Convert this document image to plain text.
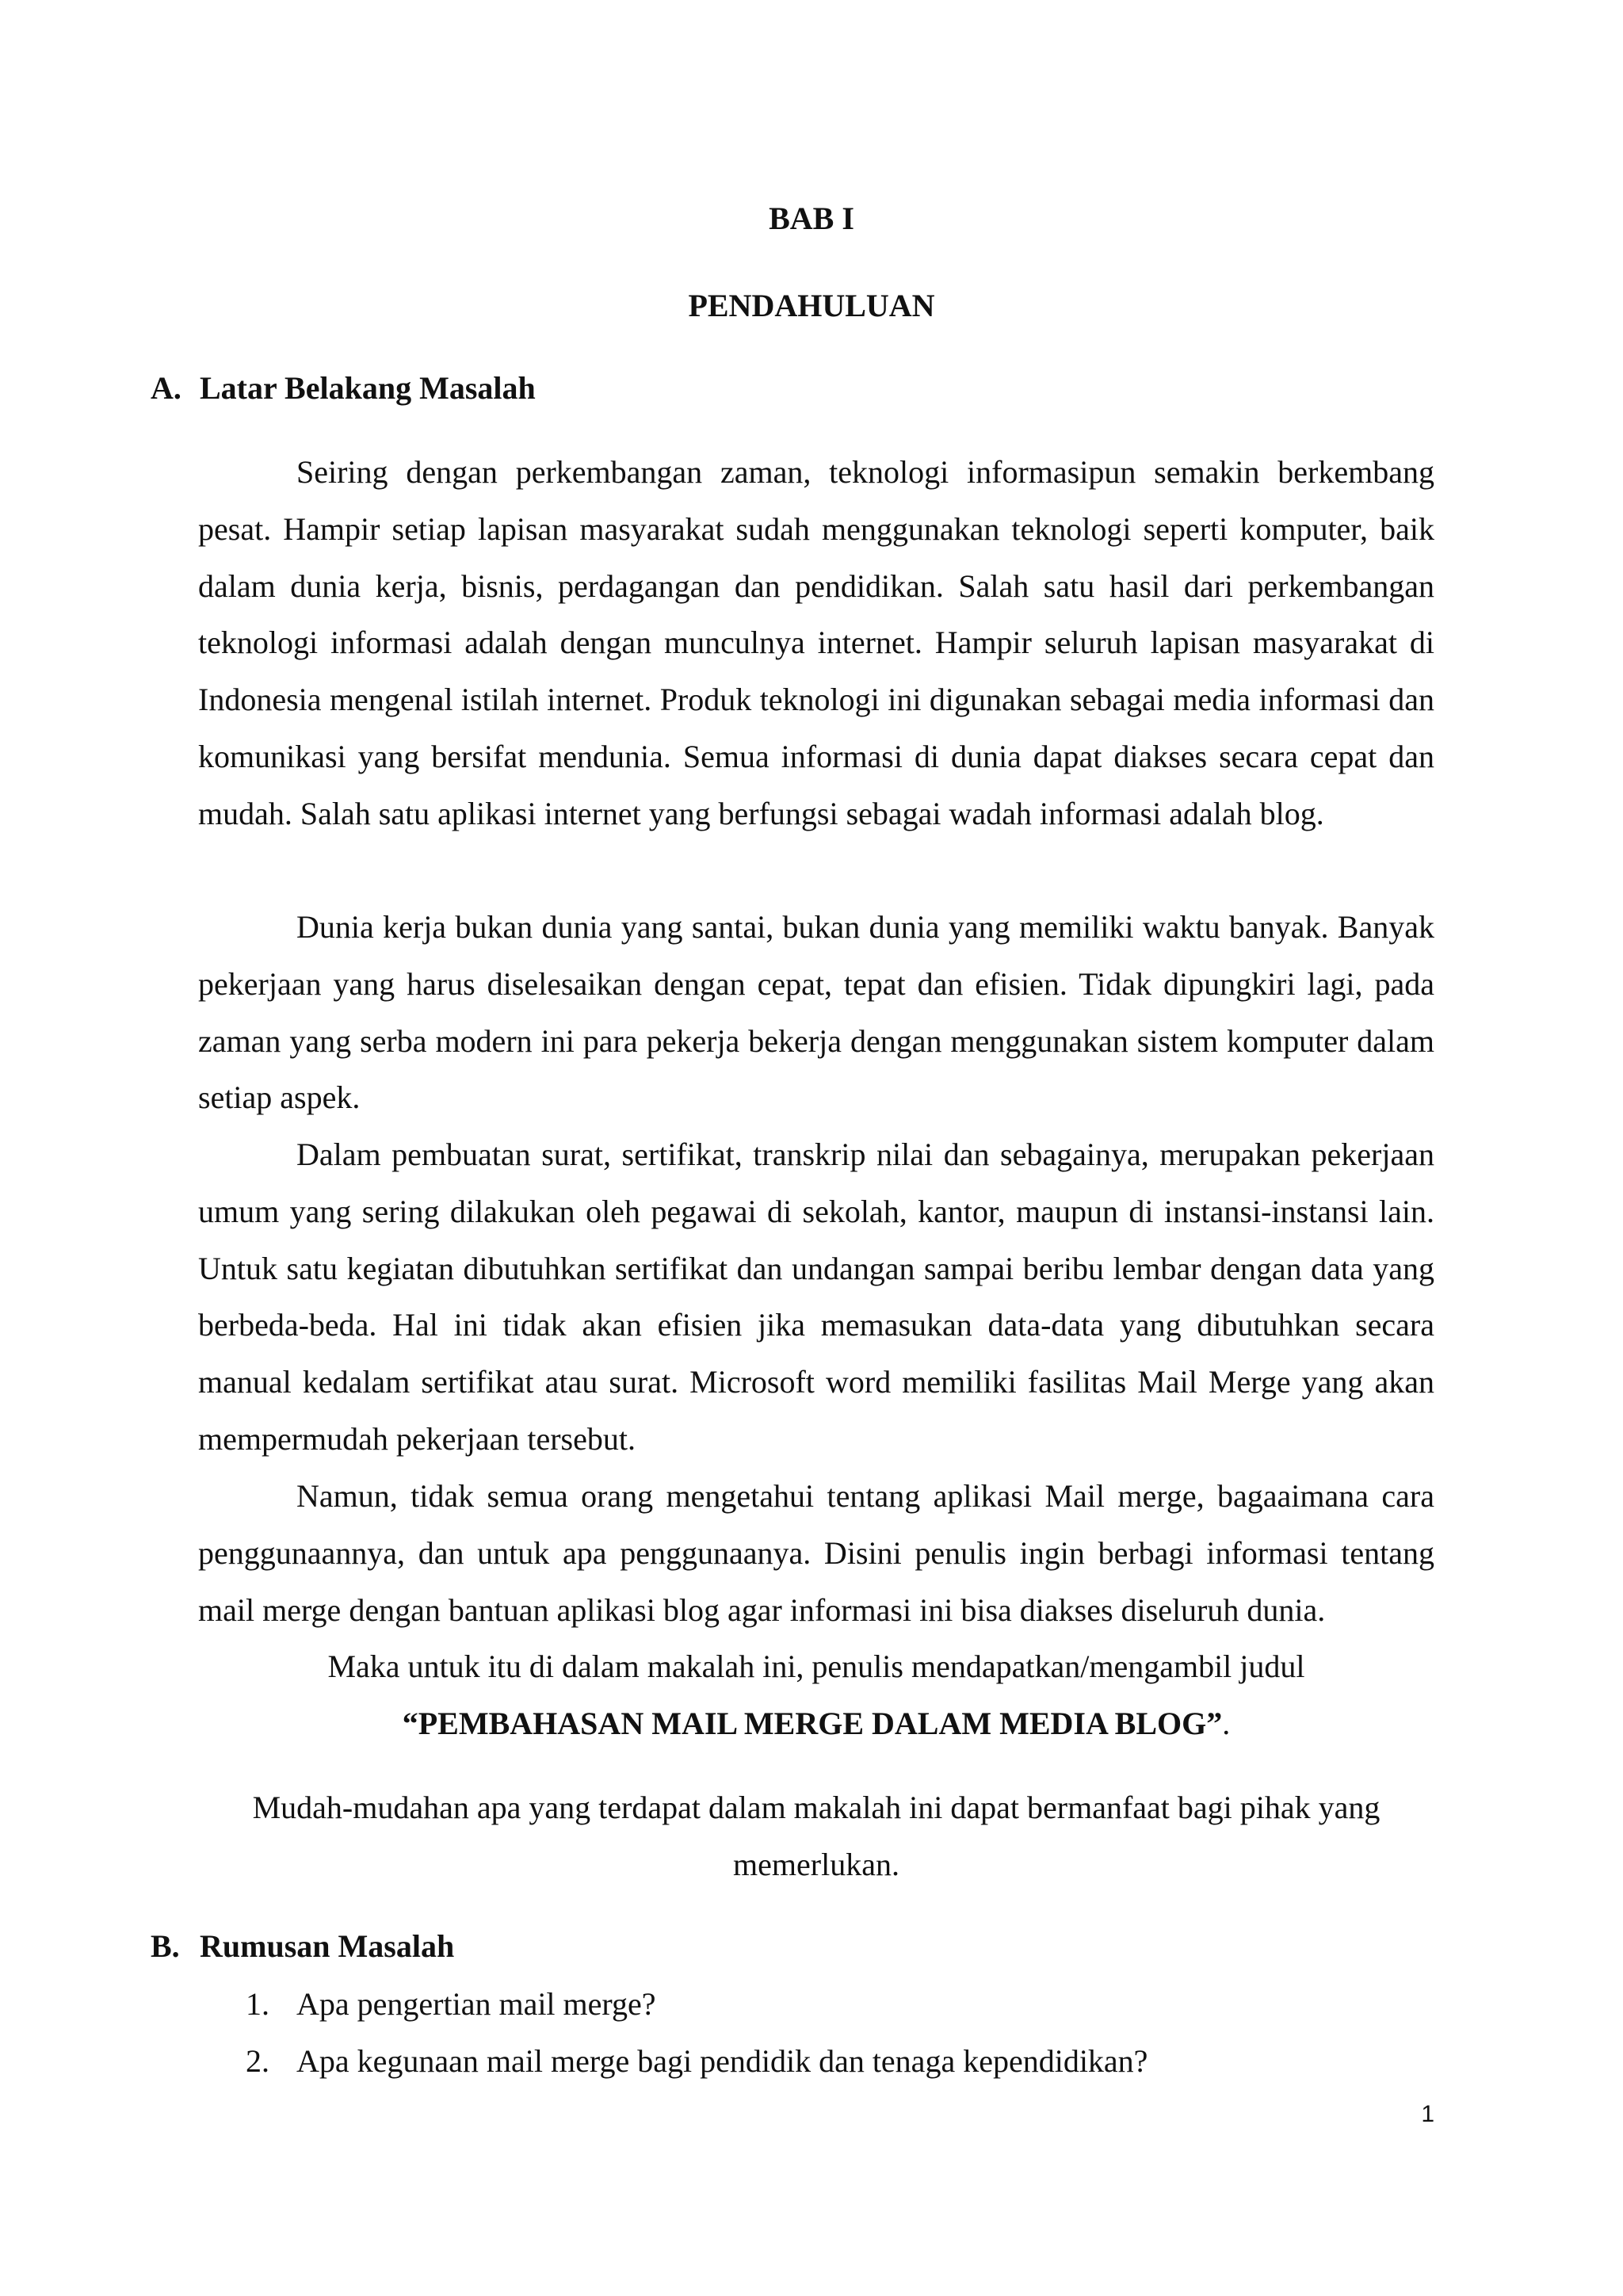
BAB I
PENDAHULUAN
A. Latar Belakang Masalah

Seiring dengan perkembangan zaman, teknologi informasipun semakin berkembang pesat. Hampir setiap lapisan masyarakat sudah menggunakan teknologi seperti komputer, baik dalam dunia kerja, bisnis, perdagangan dan pendidikan. Salah satu hasil dari perkembangan teknologi informasi adalah dengan munculnya internet. Hampir seluruh lapisan masyarakat di Indonesia mengenal istilah internet. Produk teknologi ini digunakan sebagai media informasi dan komunikasi yang bersifat mendunia. Semua informasi di dunia dapat diakses secara cepat dan mudah. Salah satu aplikasi internet yang berfungsi sebagai wadah informasi adalah blog.

Dunia kerja bukan dunia yang santai, bukan dunia yang memiliki waktu banyak. Banyak pekerjaan yang harus diselesaikan dengan cepat, tepat dan efisien. Tidak dipungkiri lagi, pada zaman yang serba modern ini para pekerja bekerja dengan menggunakan sistem komputer dalam setiap aspek.

Dalam pembuatan surat, sertifikat, transkrip nilai dan sebagainya, merupakan pekerjaan umum yang sering dilakukan oleh pegawai di sekolah, kantor, maupun di instansi-instansi lain. Untuk satu kegiatan dibutuhkan sertifikat dan undangan sampai beribu lembar dengan data yang berbeda-beda. Hal ini tidak akan efisien jika memasukan data-data yang dibutuhkan secara manual kedalam sertifikat atau surat. Microsoft word memiliki fasilitas Mail Merge yang akan mempermudah pekerjaan tersebut.

Namun, tidak semua orang mengetahui tentang aplikasi Mail merge, bagaaimana cara penggunaannya, dan untuk apa penggunaanya. Disini penulis ingin berbagi informasi tentang mail merge dengan bantuan aplikasi blog agar informasi ini bisa diakses diseluruh dunia.

Maka untuk itu di dalam makalah ini, penulis mendapatkan/mengambil judul

“PEMBAHASAN MAIL MERGE DALAM MEDIA BLOG”.

Mudah-mudahan apa yang terdapat dalam makalah ini dapat bermanfaat bagi pihak yang memerlukan.

B. Rumusan Masalah
1. Apa pengertian mail merge?
2. Apa kegunaan mail merge bagi pendidik dan tenaga kependidikan?
1
